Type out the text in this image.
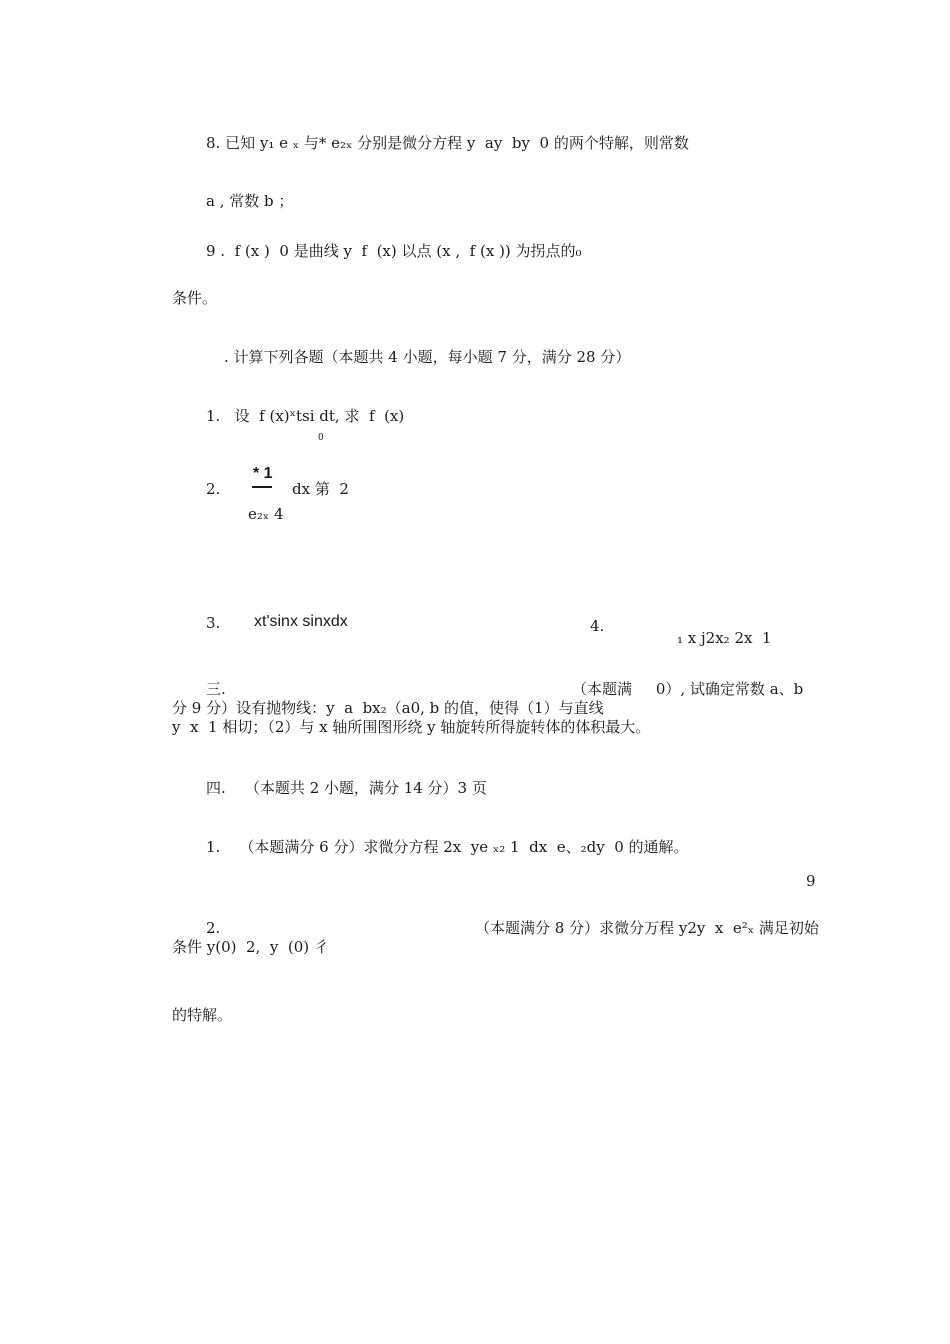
8. 已知 y₁ e ₓ 与* e₂ₓ 分别是微分方程 y  ay  by  0 的两个特解，则常数
a , 常数 b ；
9 .  f (x )  0 是曲线 y  f  (x) 以点 (x ,  f (x )) 为拐点的₀
条件。
. 计算下列各题（本题共 4 小题，每小题 7 分，满分 28 分）
1.   设  f (x)ˣtsi dt, 求  f  (x)
0
2.
* 1
dx 第  2
e₂ₓ 4
3. xt'sinx sinxdx	4.
₁ x j2x₂ 2x  1
三.	（本题满     0）, 试确定常数 a、b
分 9 分）设有抛物线：y  a  bx₂（a0, b 的值，使得（1）与直线
y  x  1 相切；（2）与 x 轴所围图形绕 y 轴旋转所得旋转体的体积最大。
四.    （本题共 2 小题，满分 14 分）3 页
1.    （本题满分 6 分）求微分方程 2x  ye ₓ₂ 1  dx  e、₂dy  0 的通解。
9
2.	（本题满分 8 分）求微分万程 y2y  x  e²ₓ 满足初始
条件 y(0)  2,  y  (0) 彳
的特解。
